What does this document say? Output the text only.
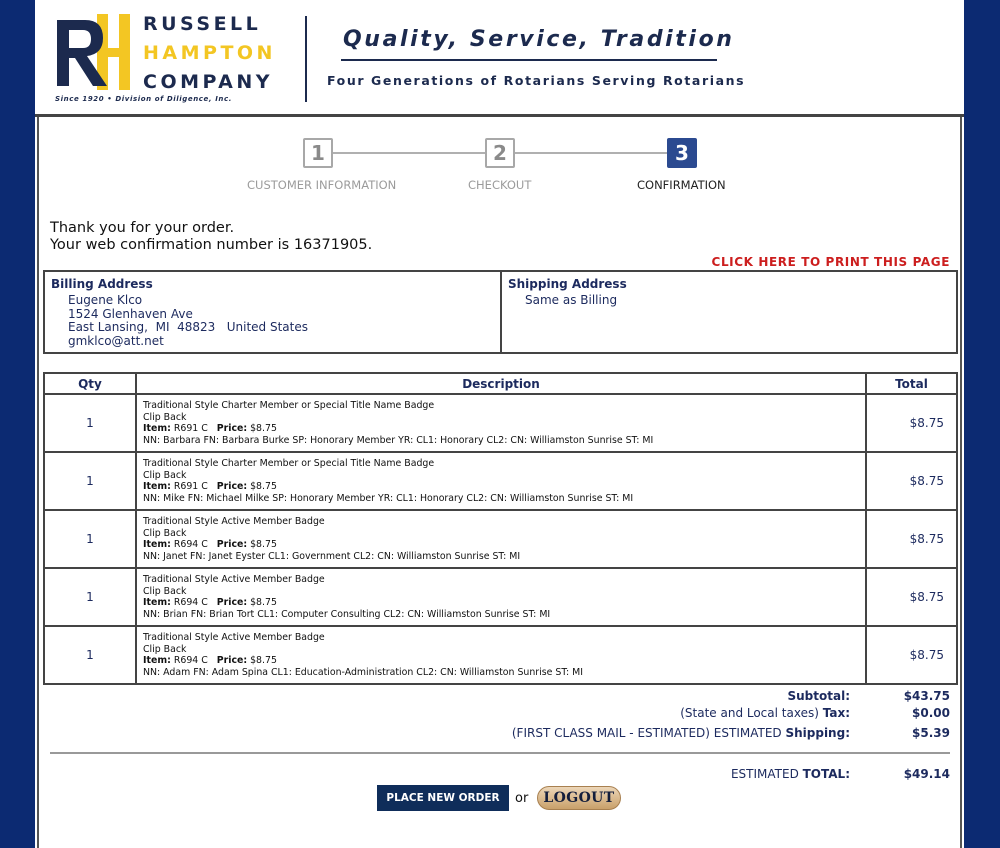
RUSSELL
HAMPTON
COMPANY
Since 1920 • Division of Diligence, Inc.
Quality, Service, Tradition
Four Generations of Rotarians Serving Rotarians
1	2	3
CUSTOMER INFORMATION	CHECKOUT	CONFIRMATION
Thank you for your order.
Your web confirmation number is 16371905.
CLICK HERE TO PRINT THIS PAGE
Billing Address
Eugene Klco
1524 Glenhaven Ave
East Lansing,  MI  48823   United States
gmklco@att.net
Shipping Address
Same as Billing
Qty	Description	Total
1	Traditional Style Charter Member or Special Title Name Badge
Clip Back
Item: R691 C Price: $8.75
NN: Barbara FN: Barbara Burke SP: Honorary Member YR: CL1: Honorary CL2: CN: Williamston Sunrise ST: MI	$8.75
1	Traditional Style Charter Member or Special Title Name Badge
Clip Back
Item: R691 C Price: $8.75
NN: Mike FN: Michael Milke SP: Honorary Member YR: CL1: Honorary CL2: CN: Williamston Sunrise ST: MI	$8.75
1	Traditional Style Active Member Badge
Clip Back
Item: R694 C Price: $8.75
NN: Janet FN: Janet Eyster CL1: Government CL2: CN: Williamston Sunrise ST: MI	$8.75
1	Traditional Style Active Member Badge
Clip Back
Item: R694 C Price: $8.75
NN: Brian FN: Brian Tort CL1: Computer Consulting CL2: CN: Williamston Sunrise ST: MI	$8.75
1	Traditional Style Active Member Badge
Clip Back
Item: R694 C Price: $8.75
NN: Adam FN: Adam Spina CL1: Education-Administration CL2: CN: Williamston Sunrise ST: MI	$8.75
Subtotal:	$43.75
(State and Local taxes) Tax:	$0.00
(FIRST CLASS MAIL - ESTIMATED) ESTIMATED Shipping:	$5.39
ESTIMATED TOTAL:	$49.14
PLACE NEW ORDER	or LOGOUT
